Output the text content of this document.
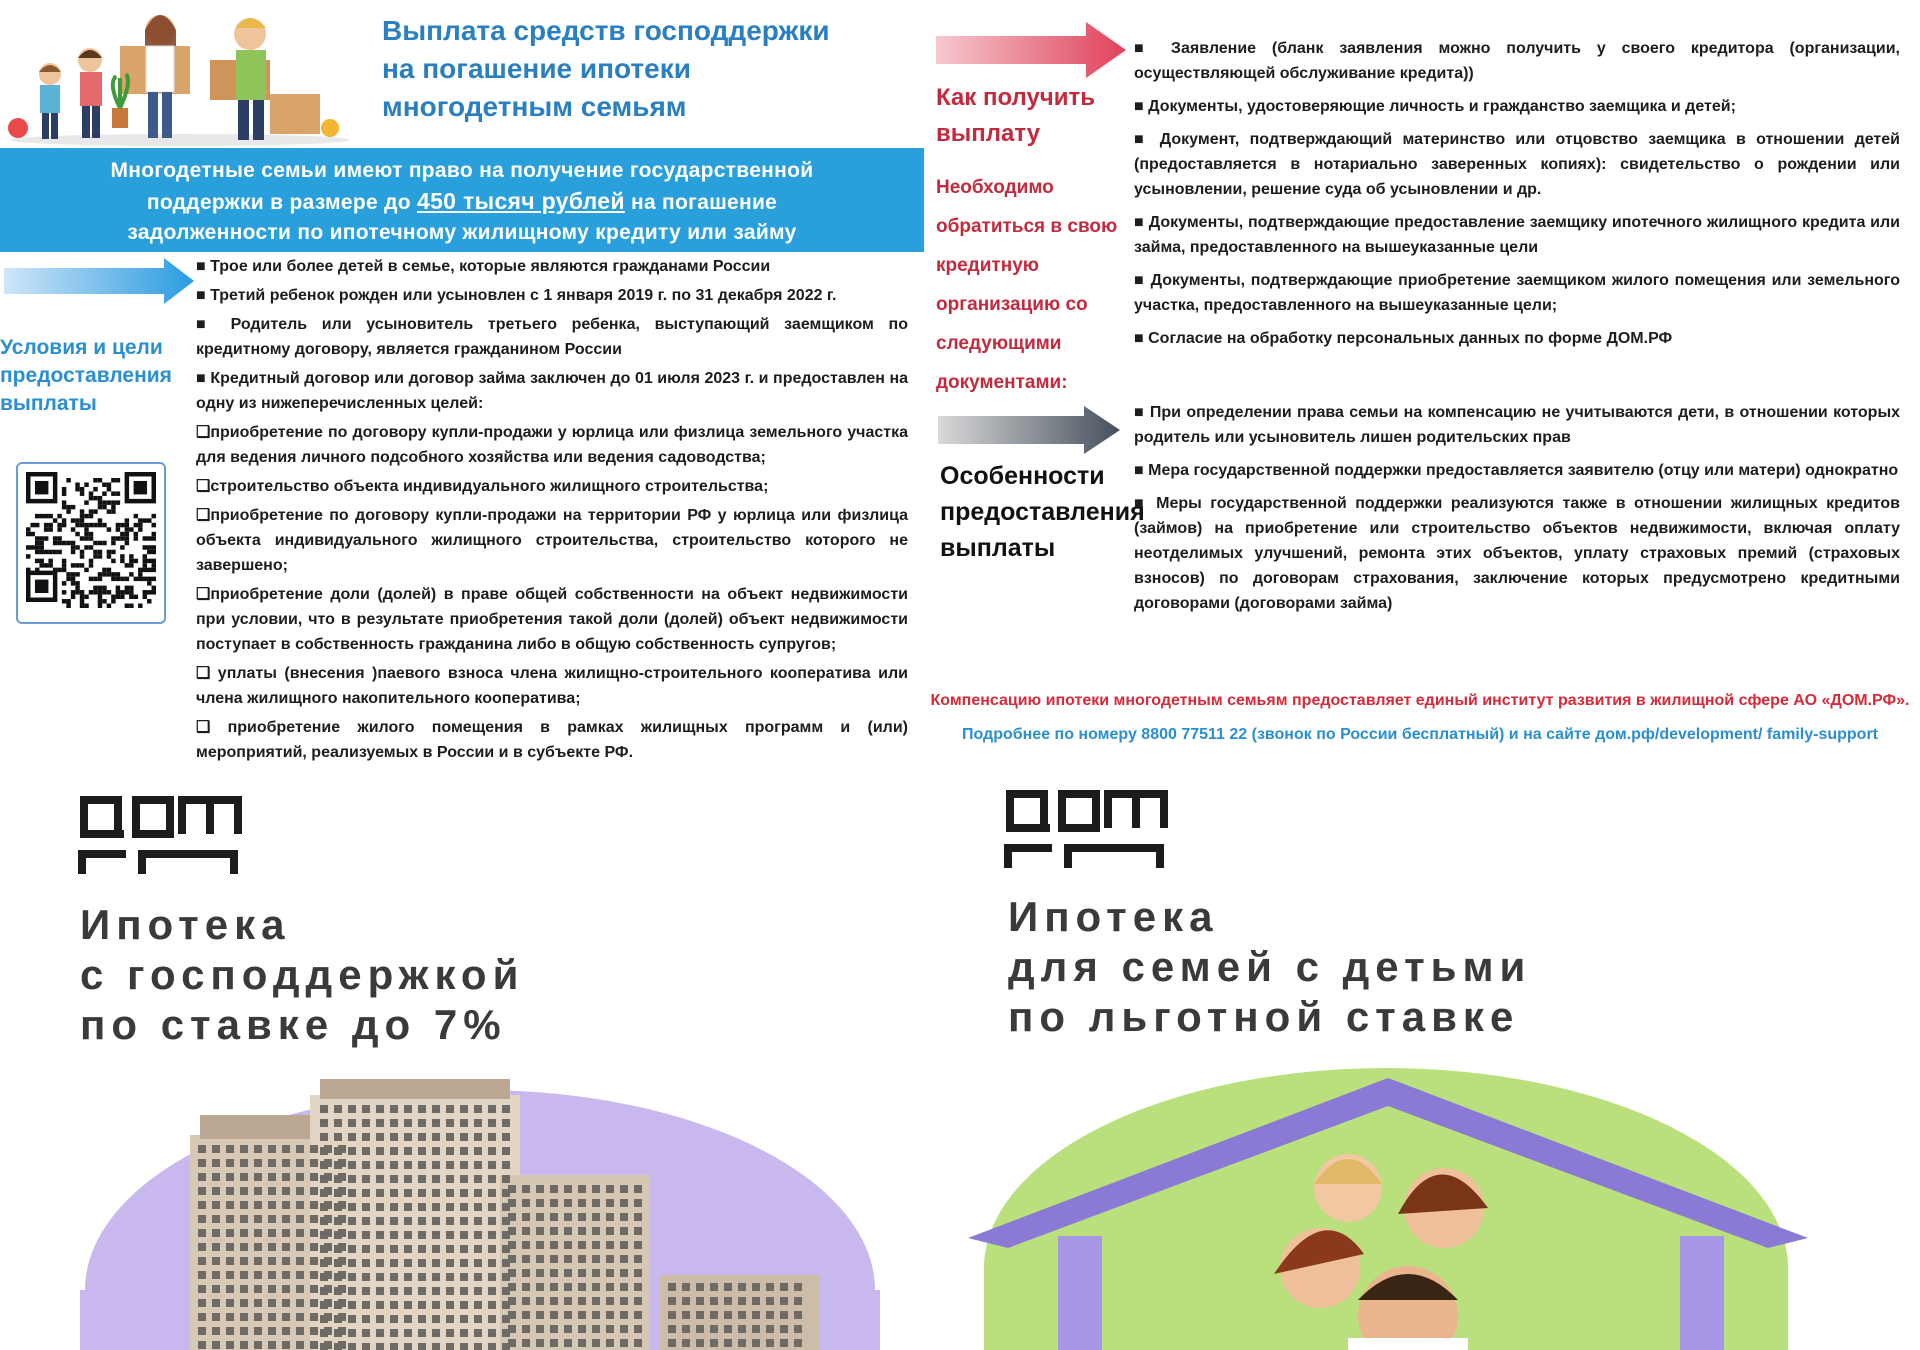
Выплата средств господдержки
на погашение ипотеки
многодетным семьям
Многодетные семьи имеют право на получение государственной
поддержки в размере до 450 тысяч рублей на погашение
задолженности по ипотечному жилищному кредиту или займу
Условия и цели предоставления выплаты

■ Трое или более детей в семье, которые являются гражданами России

■ Третий ребенок рожден или усыновлен с 1 января 2019 г. по 31 декабря 2022 г.

■ Родитель или усыновитель третьего ребенка, выступающий заемщиком по кредитному договору, является гражданином России

■ Кредитный договор или договор займа заключен до 01 июля 2023 г. и предоставлен на одну из нижеперечисленных целей:

❑приобретение по договору купли-продажи у юрлица или физлица земельного участка для ведения личного подсобного хозяйства или ведения садоводства;

❑строительство объекта индивидуального жилищного строительства;

❑приобретение по договору купли-продажи на территории РФ у юрлица или физлица объекта индивидуального жилищного строительства, строительство которого не завершено;

❑приобретение доли (долей) в праве общей собственности на объект недвижимости при условии, что в результате приобретения такой доли (долей) объект недвижимости поступает в собственность гражданина либо в общую собственность супругов;

❑ уплаты (внесения )паевого взноса члена жилищно-строительного кооператива или члена жилищного накопительного кооператива;

❑ приобретение жилого помещения в рамках жилищных программ и (или) мероприятий, реализуемых в России и в субъекте РФ.

Как получить выплату
Необходимо обратиться в свою кредитную организацию со следующими документами:

■ Заявление (бланк заявления можно получить у своего кредитора (организации, осуществляющей обслуживание кредита))

■ Документы, удостоверяющие личность и гражданство заемщика и детей;

■ Документ, подтверждающий материнство или отцовство заемщика в отношении детей (предоставляется в нотариально заверенных копиях): свидетельство о рождении или усыновлении, решение суда об усыновлении и др.

■ Документы, подтверждающие предоставление заемщику ипотечного жилищного кредита или займа, предоставленного на вышеуказанные цели

■ Документы, подтверждающие приобретение заемщиком жилого помещения или земельного участка, предоставленного на вышеуказанные цели;

■ Согласие на обработку персональных данных по форме ДОМ.РФ

Особенности предоставления выплаты

■ При определении права семьи на компенсацию не учитываются дети, в отношении которых родитель или усыновитель лишен родительских прав

■ Мера государственной поддержки предоставляется заявителю (отцу или матери) однократно

■ Меры государственной поддержки реализуются также в отношении жилищных кредитов (займов) на приобретение или строительство объектов недвижимости, включая оплату неотделимых улучшений, ремонта этих объектов, уплату страховых премий (страховых взносов) по договорам страхования, заключение которых предусмотрено кредитными договорами (договорами займа)

Компенсацию ипотеки многодетным семьям предоставляет единый институт развития в жилищной сфере АО «ДОМ.РФ».
Подробнее по номеру 8800 77511 22 (звонок по России бесплатный) и на сайте дом.рф/development/ family-support
Ипотека
с господдержкой
по ставке до 7%
Ипотека
для семей с детьми
по льготной ставке
